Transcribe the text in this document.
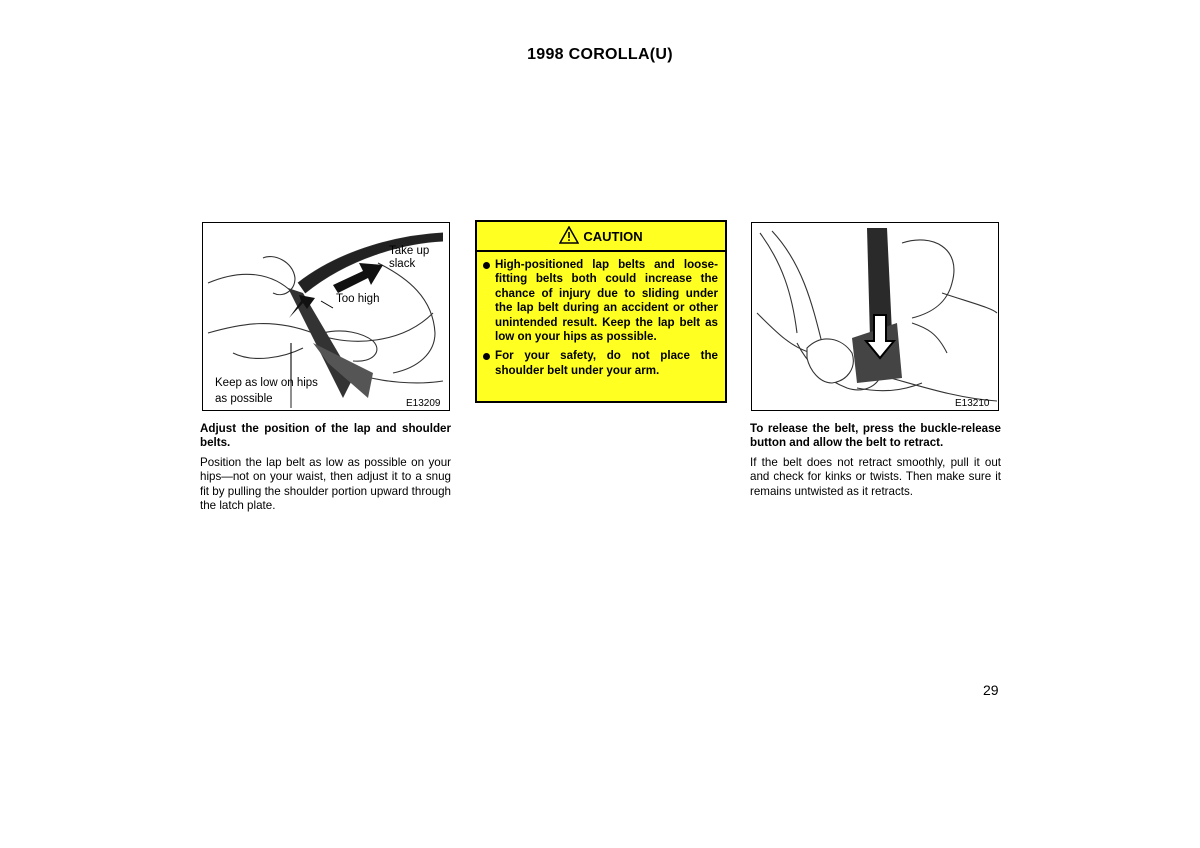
1998 COROLLA(U)
Take up
slack
Too high
Keep as low on hips
as possible	E13209
CAUTION
High-positioned lap belts and loose-fitting belts both could increase the chance of injury due to sliding under the lap belt during an accident or other unintended result. Keep the lap belt as low on your hips as possible.
For your safety, do not place the shoulder belt under your arm.
E13210

Adjust the position of the lap and shoulder belts.

Position the lap belt as low as possible on your hips—not on your waist, then adjust it to a snug fit by pulling the shoulder portion upward through the latch plate.

To release the belt, press the buckle-release button and allow the belt to retract.

If the belt does not retract smoothly, pull it out and check for kinks or twists. Then make sure it remains untwisted as it retracts.

29
